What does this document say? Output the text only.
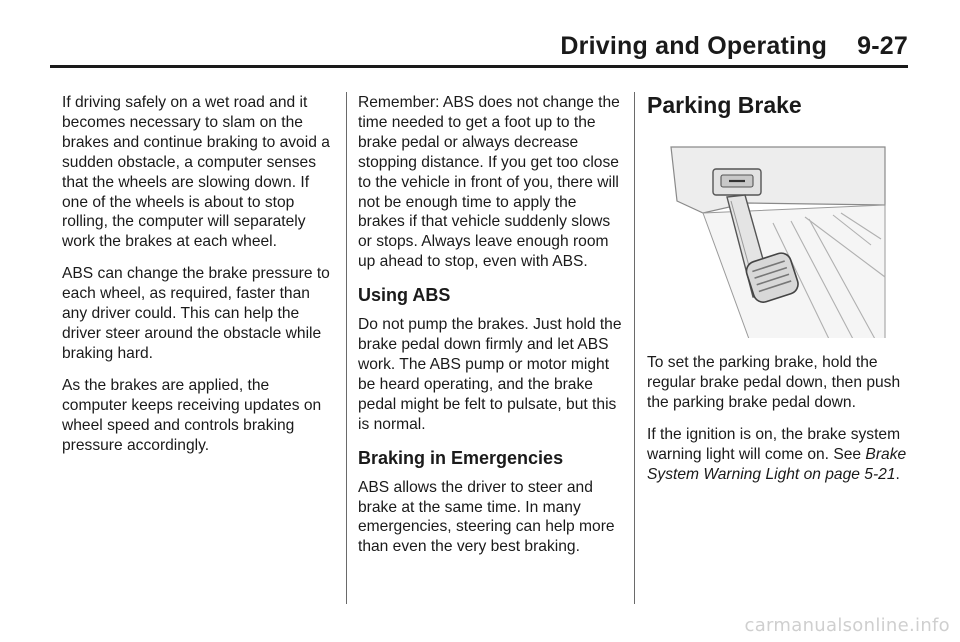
Driving and Operating 9-27

If driving safely on a wet road and it becomes necessary to slam on the brakes and continue braking to avoid a sudden obstacle, a computer senses that the wheels are slowing down. If one of the wheels is about to stop rolling, the computer will separately work the brakes at each wheel.

ABS can change the brake pressure to each wheel, as required, faster than any driver could. This can help the driver steer around the obstacle while braking hard.

As the brakes are applied, the computer keeps receiving updates on wheel speed and controls braking pressure accordingly.

Remember: ABS does not change the time needed to get a foot up to the brake pedal or always decrease stopping distance. If you get too close to the vehicle in front of you, there will not be enough time to apply the brakes if that vehicle suddenly slows or stops. Always leave enough room up ahead to stop, even with ABS.

Using ABS

Do not pump the brakes. Just hold the brake pedal down firmly and let ABS work. The ABS pump or motor might be heard operating, and the brake pedal might be felt to pulsate, but this is normal.

Braking in Emergencies

ABS allows the driver to steer and brake at the same time. In many emergencies, steering can help more than even the very best braking.

Parking Brake

To set the parking brake, hold the regular brake pedal down, then push the parking brake pedal down.

If the ignition is on, the brake system warning light will come on. See Brake System Warning Light on page 5-21.

carmanualsonline.info
